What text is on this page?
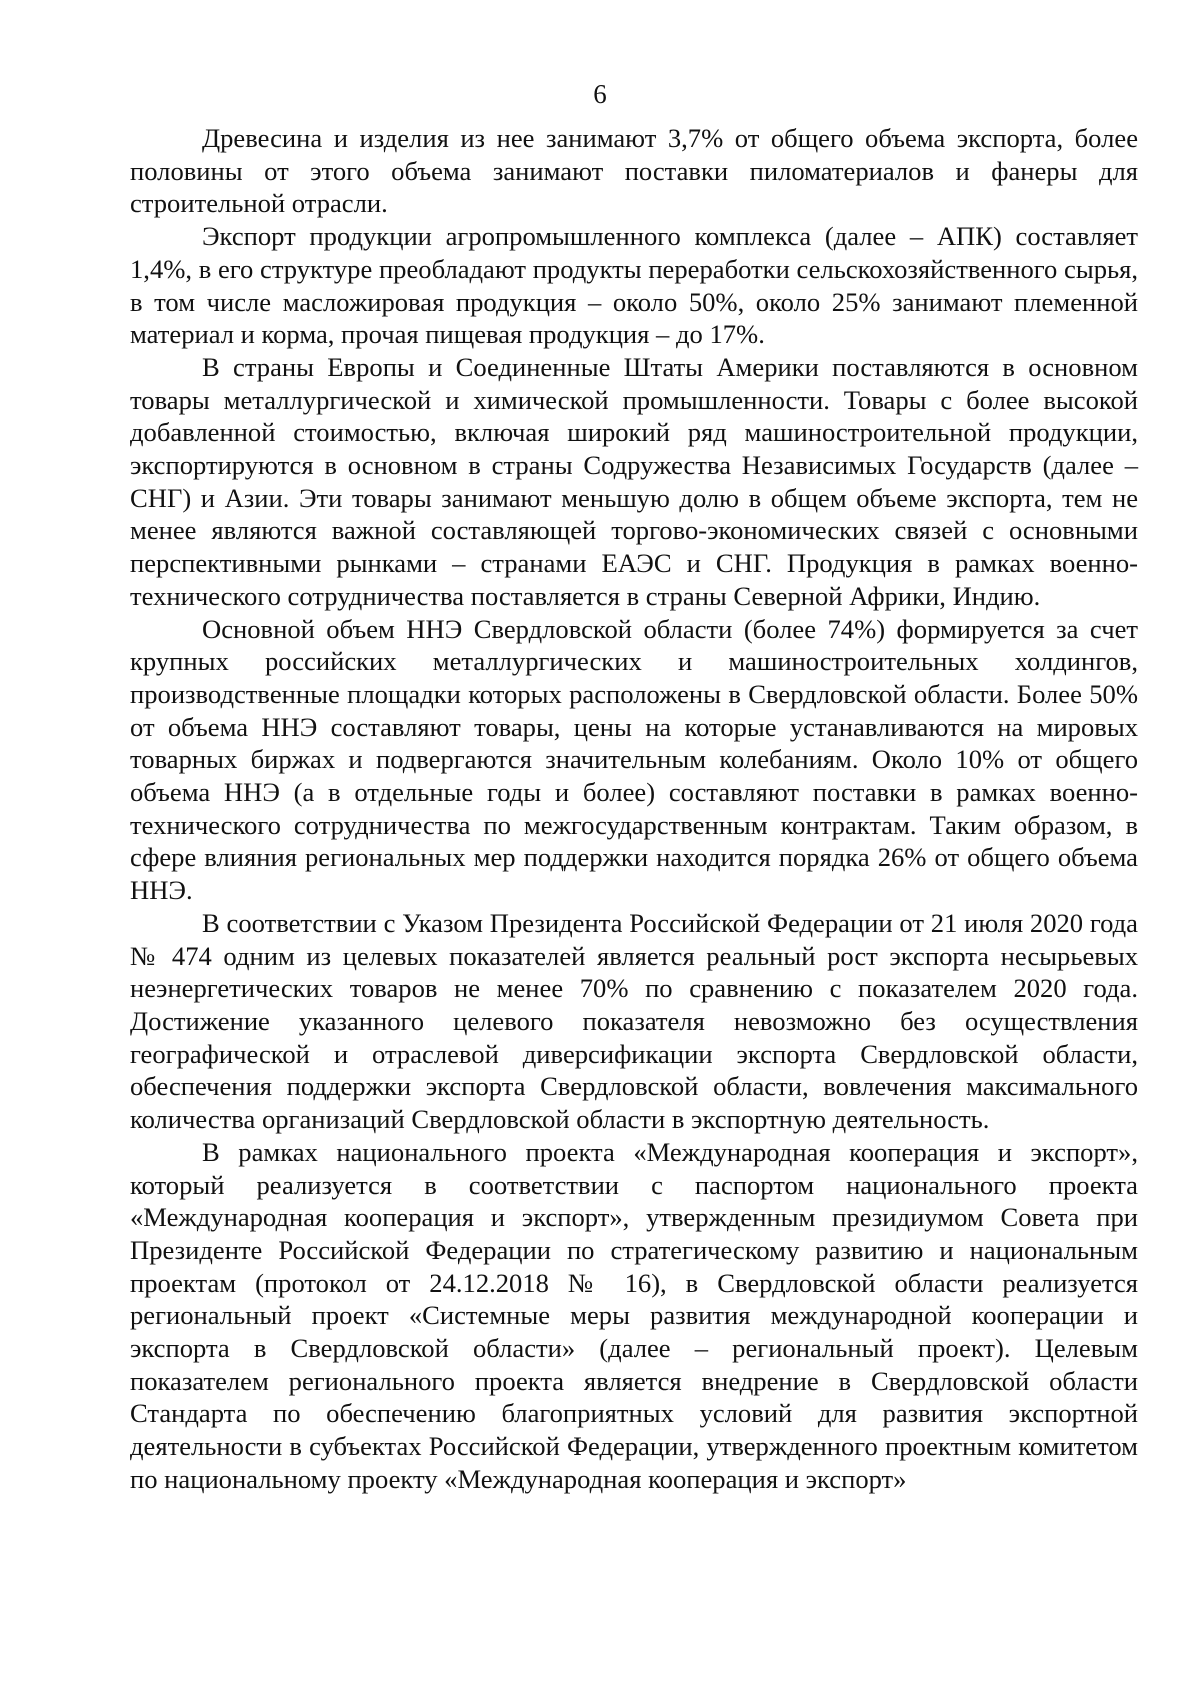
6

Древесина и изделия из нее занимают 3,7% от общего объема экспорта, более половины от этого объема занимают поставки пиломатериалов и фанеры для строительной отрасли.

Экспорт продукции агропромышленного комплекса (далее – АПК) составляет 1,4%, в его структуре преобладают продукты переработки сельскохозяйственного сырья, в том числе масложировая продукция – около 50%, около 25% занимают племенной материал и корма, прочая пищевая продукция – до 17%.

В страны Европы и Соединенные Штаты Америки поставляются в основном товары металлургической и химической промышленности. Товары с более высокой добавленной стоимостью, включая широкий ряд машиностроительной продукции, экспортируются в основном в страны Содружества Независимых Государств (далее – СНГ) и Азии. Эти товары занимают меньшую долю в общем объеме экспорта, тем не менее являются важной составляющей торгово-экономических связей с основными перспективными рынками – странами ЕАЭС и СНГ. Продукция в рамках военно-технического сотрудничества поставляется в страны Северной Африки, Индию.

Основной объем ННЭ Свердловской области (более 74%) формируется за счет крупных российских металлургических и машиностроительных холдингов, производственные площадки которых расположены в Свердловской области. Более 50% от объема ННЭ составляют товары, цены на которые устанавливаются на мировых товарных биржах и подвергаются значительным колебаниям. Около 10% от общего объема ННЭ (а в отдельные годы и более) составляют поставки в рамках военно-технического сотрудничества по межгосударственным контрактам. Таким образом, в сфере влияния региональных мер поддержки находится порядка 26% от общего объема ННЭ.

В соответствии с Указом Президента Российской Федерации от 21 июля 2020 года № 474 одним из целевых показателей является реальный рост экспорта несырьевых неэнергетических товаров не менее 70% по сравнению с показателем 2020 года. Достижение указанного целевого показателя невозможно без осуществления географической и отраслевой диверсификации экспорта Свердловской области, обеспечения поддержки экспорта Свердловской области, вовлечения максимального количества организаций Свердловской области в экспортную деятельность.

В рамках национального проекта «Международная кооперация и экспорт», который реализуется в соответствии с паспортом национального проекта «Международная кооперация и экспорт», утвержденным президиумом Совета при Президенте Российской Федерации по стратегическому развитию и национальным проектам (протокол от 24.12.2018 № 16), в Свердловской области реализуется региональный проект «Системные меры развития международной кооперации и экспорта в Свердловской области» (далее – региональный проект). Целевым показателем регионального проекта является внедрение в Свердловской области Стандарта по обеспечению благоприятных условий для развития экспортной деятельности в субъектах Российской Федерации, утвержденного проектным комитетом по национальному проекту «Международная кооперация и экспорт»
